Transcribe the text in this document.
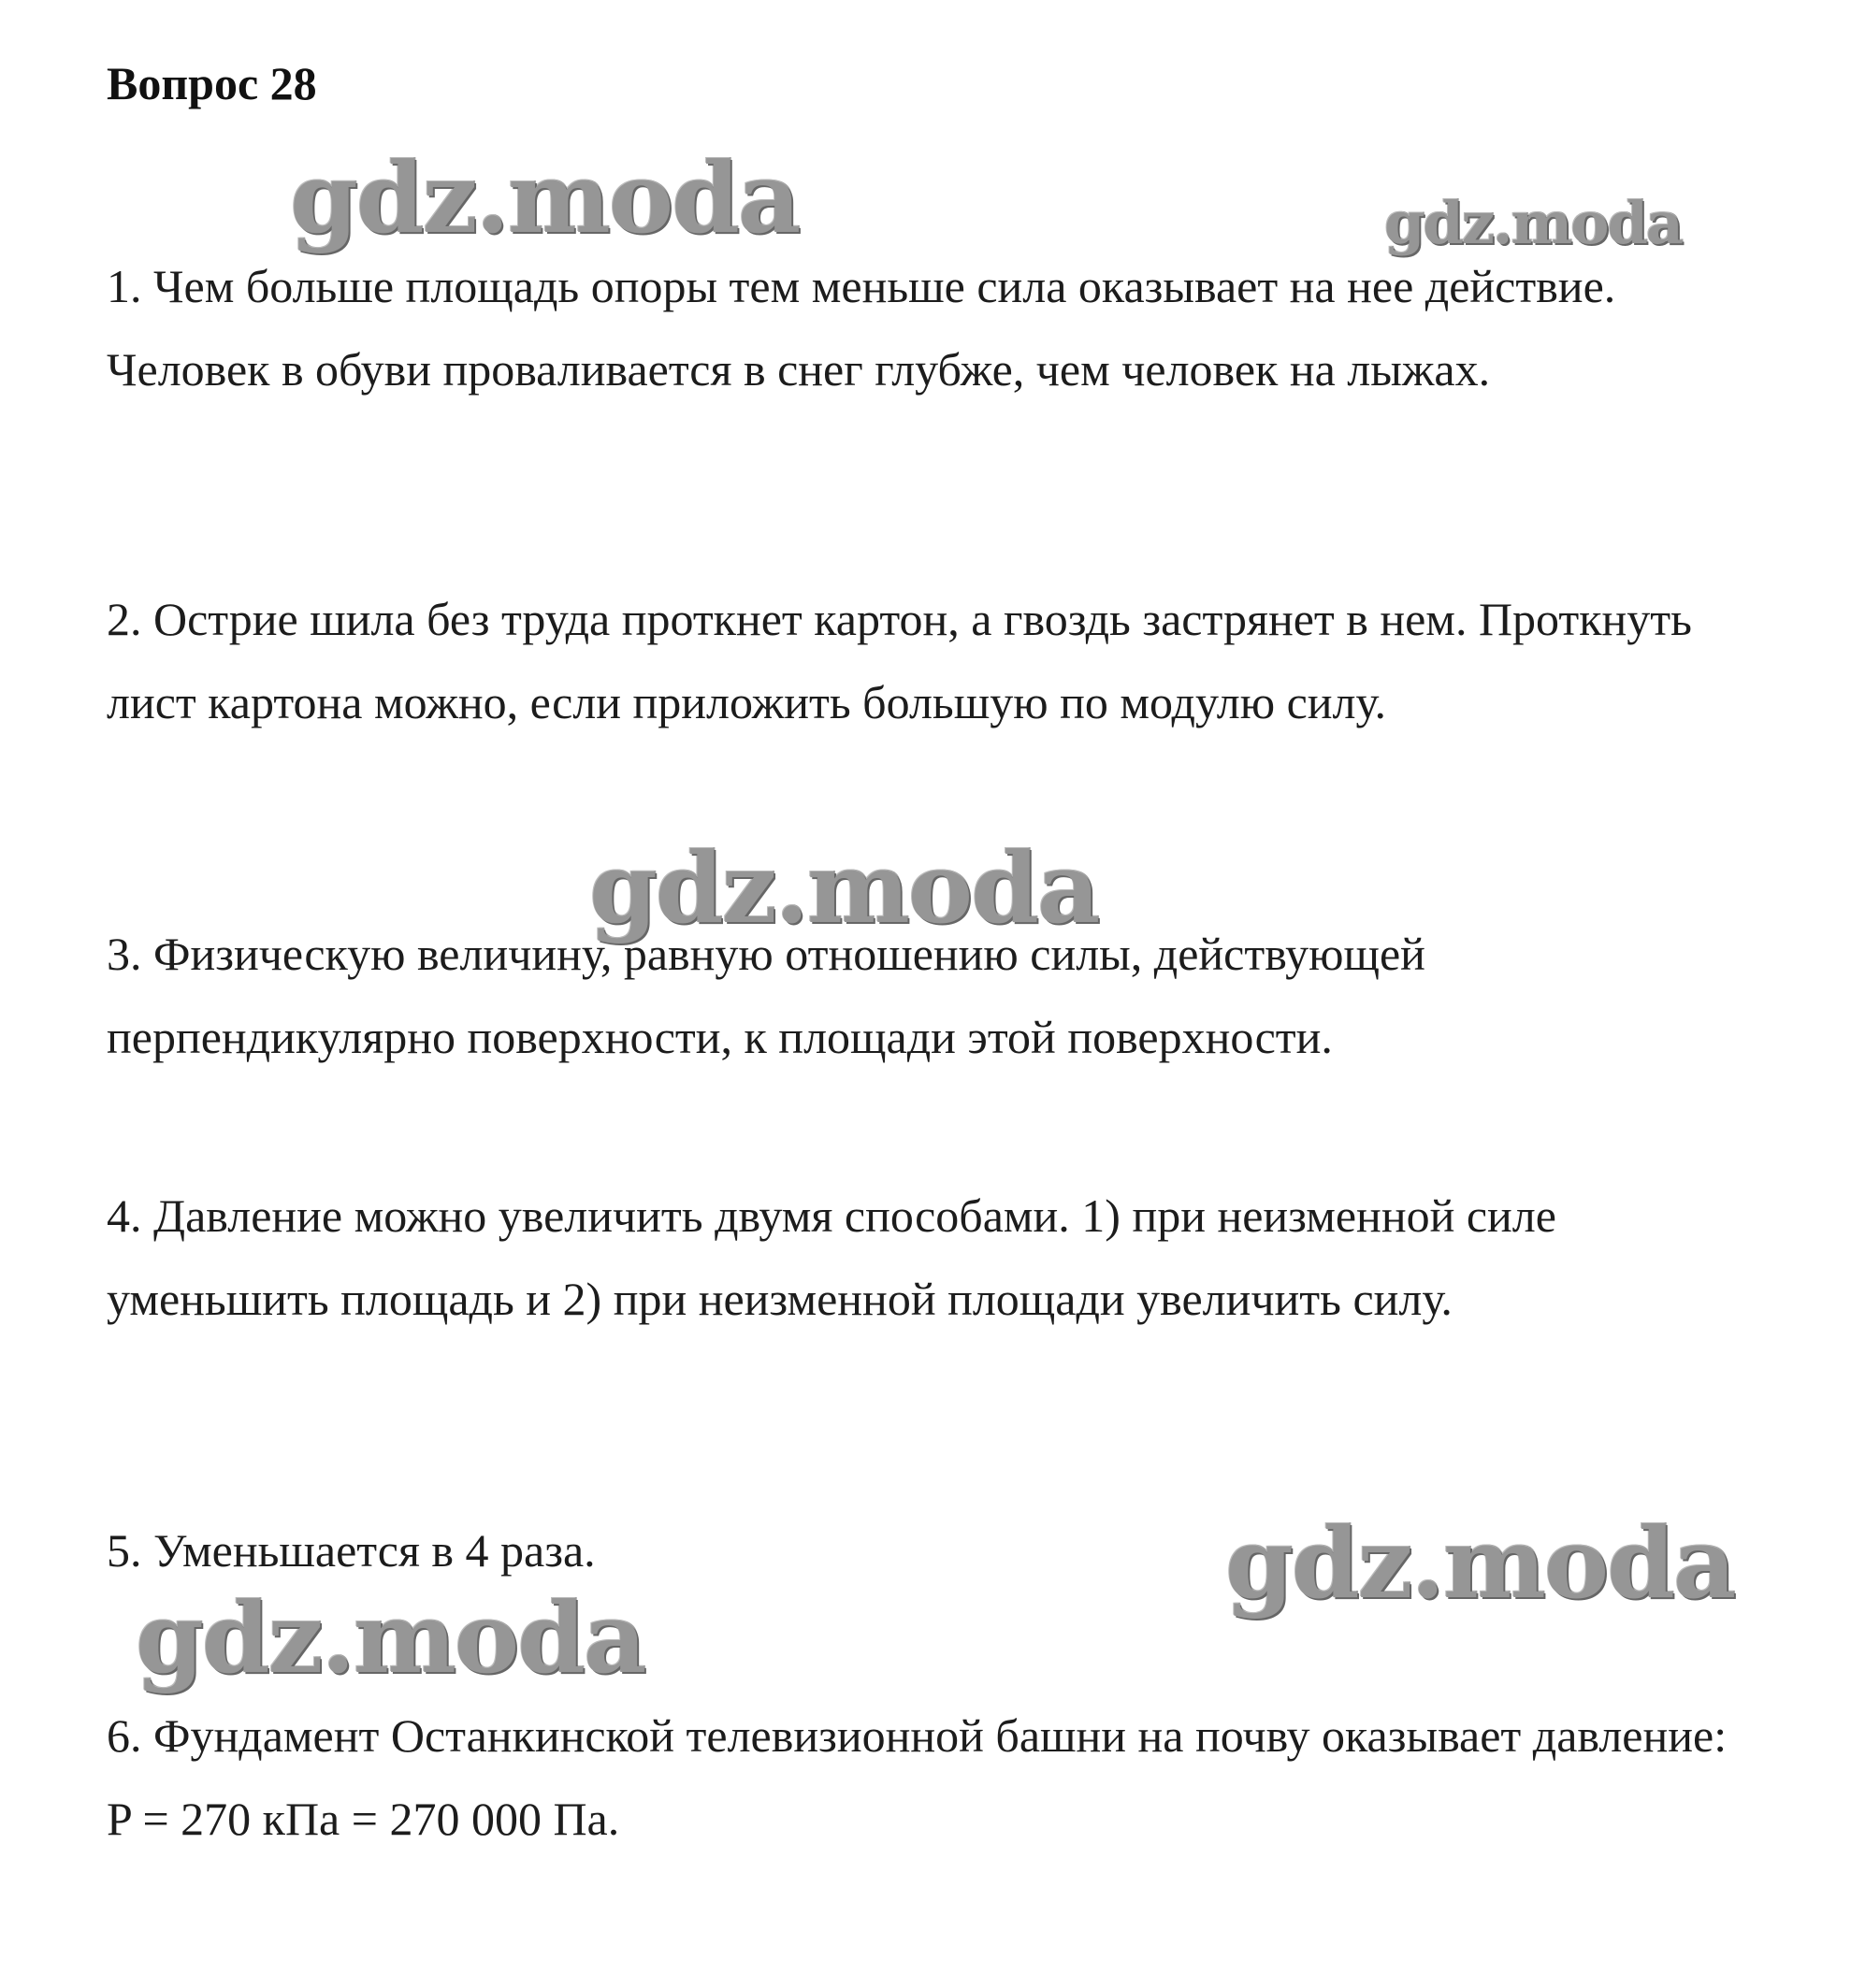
Вопрос 28

1. Чем больше площадь опоры тем меньше сила оказывает на нее действие. Человек в обуви проваливается в снег глубже, чем человек на лыжах.

2. Острие шила без труда проткнет картон, а гвоздь застрянет в нем. Проткнуть лист картона можно, если приложить большую по модулю силу.

3. Физическую величину, равную отношению силы, действующей перпендикулярно поверхности, к площади этой поверхности.

4. Давление можно увеличить двумя способами. 1) при неизменной силе уменьшить площадь и 2) при неизменной площади увеличить силу.

5. Уменьшается в 4 раза.

6. Фундамент Останкинской телевизионной башни на почву оказывает давление: P = 270 кПа = 270 000 Па.

gdz.moda	gdz.moda
gdz.moda
gdz.moda
gdz.moda
